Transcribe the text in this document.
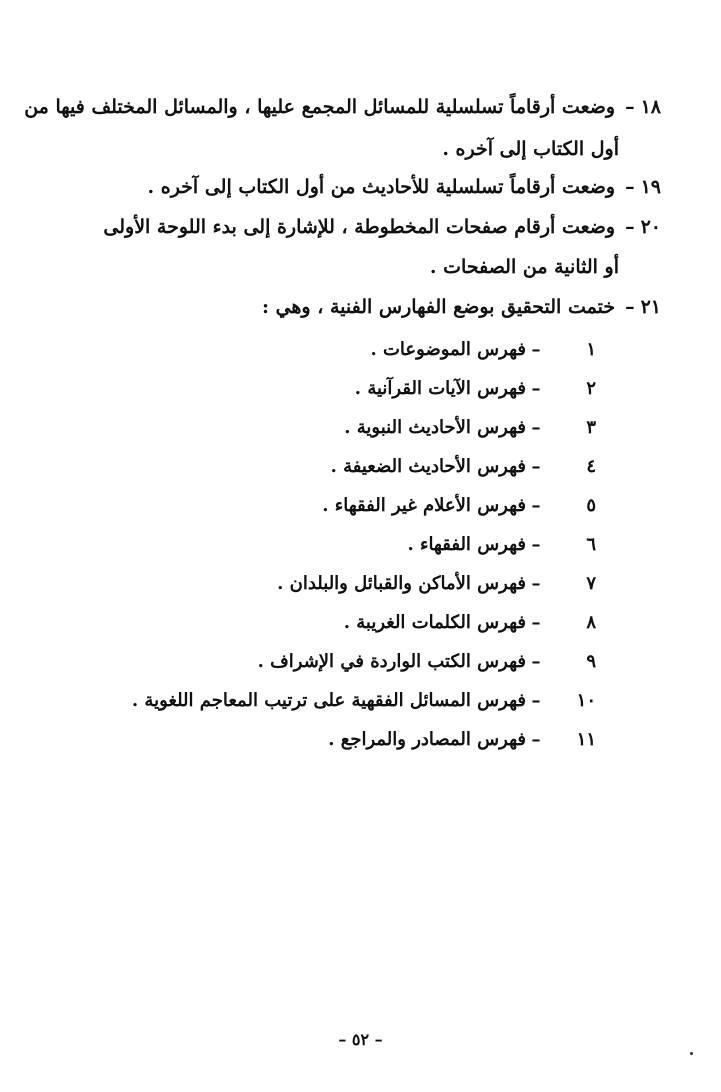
١٨–وضعت أرقاماً تسلسلية للمسائل المجمع عليها ، والمسائل المختلف فيها من
أول الكتاب إلى آخره .
١٩–وضعت أرقاماً تسلسلية للأحاديث من أول الكتاب إلى آخره .
٢٠–وضعت أرقام صفحات المخطوطة ، للإشارة إلى بدء اللوحة الأولى
أو الثانية من الصفحات .
٢١–ختمت التحقيق بوضع الفهارس الفنية ، وهي :
١–فهرس الموضوعات .
٢–فهرس الآيات القرآنية .
٣–فهرس الأحاديث النبوية .
٤–فهرس الأحاديث الضعيفة .
٥–فهرس الأعلام غير الفقهاء .
٦–فهرس الفقهاء .
٧–فهرس الأماكن والقبائل والبلدان .
٨–فهرس الكلمات الغريبة .
٩–فهرس الكتب الواردة في الإشراف .
١٠–فهرس المسائل الفقهية على ترتيب المعاجم اللغوية .
١١–فهرس المصادر والمراجع .
– ٥٢ –
